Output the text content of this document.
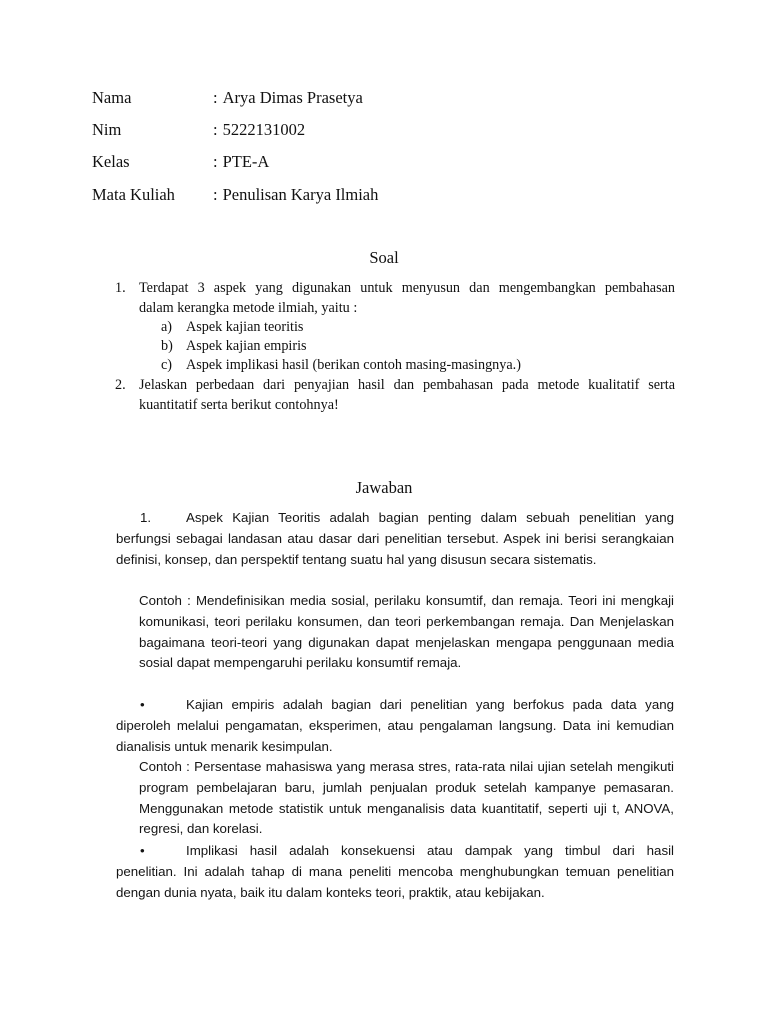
Nama	: Arya Dimas Prasetya
Nim	: 5222131002
Kelas	: PTE-A
Mata Kuliah : Penulisan Karya Ilmiah
Soal
1. Terdapat 3 aspek yang digunakan untuk menyusun dan mengembangkan pembahasan
dalam kerangka metode ilmiah, yaitu :
a) Aspek kajian teoritis
b) Aspek kajian empiris
c) Aspek implikasi hasil (berikan contoh masing-masingnya.)
2. Jelaskan perbedaan dari penyajian hasil dan pembahasan pada metode kualitatif serta
kuantitatif serta berikut contohnya!
Jawaban
1.	Aspek Kajian Teoritis adalah bagian penting dalam sebuah penelitian yang
berfungsi sebagai landasan atau dasar dari penelitian tersebut. Aspek ini berisi serangkaian definisi, konsep, dan perspektif tentang suatu hal yang disusun secara sistematis.
Contoh : Mendefinisikan media sosial, perilaku konsumtif, dan remaja. Teori ini mengkaji komunikasi, teori perilaku konsumen, dan teori perkembangan remaja. Dan Menjelaskan bagaimana teori-teori yang digunakan dapat menjelaskan mengapa penggunaan media sosial dapat mempengaruhi perilaku konsumtif remaja.
•	Kajian empiris adalah bagian dari penelitian yang berfokus pada data yang
diperoleh melalui pengamatan, eksperimen, atau pengalaman langsung. Data ini kemudian dianalisis untuk menarik kesimpulan.
Contoh : Persentase mahasiswa yang merasa stres, rata-rata nilai ujian setelah mengikuti program pembelajaran baru, jumlah penjualan produk setelah kampanye pemasaran. Menggunakan metode statistik untuk menganalisis data kuantitatif, seperti uji t, ANOVA, regresi, dan korelasi.
•	Implikasi hasil adalah konsekuensi atau dampak yang timbul dari hasil
penelitian. Ini adalah tahap di mana peneliti mencoba menghubungkan temuan penelitian dengan dunia nyata, baik itu dalam konteks teori, praktik, atau kebijakan.
